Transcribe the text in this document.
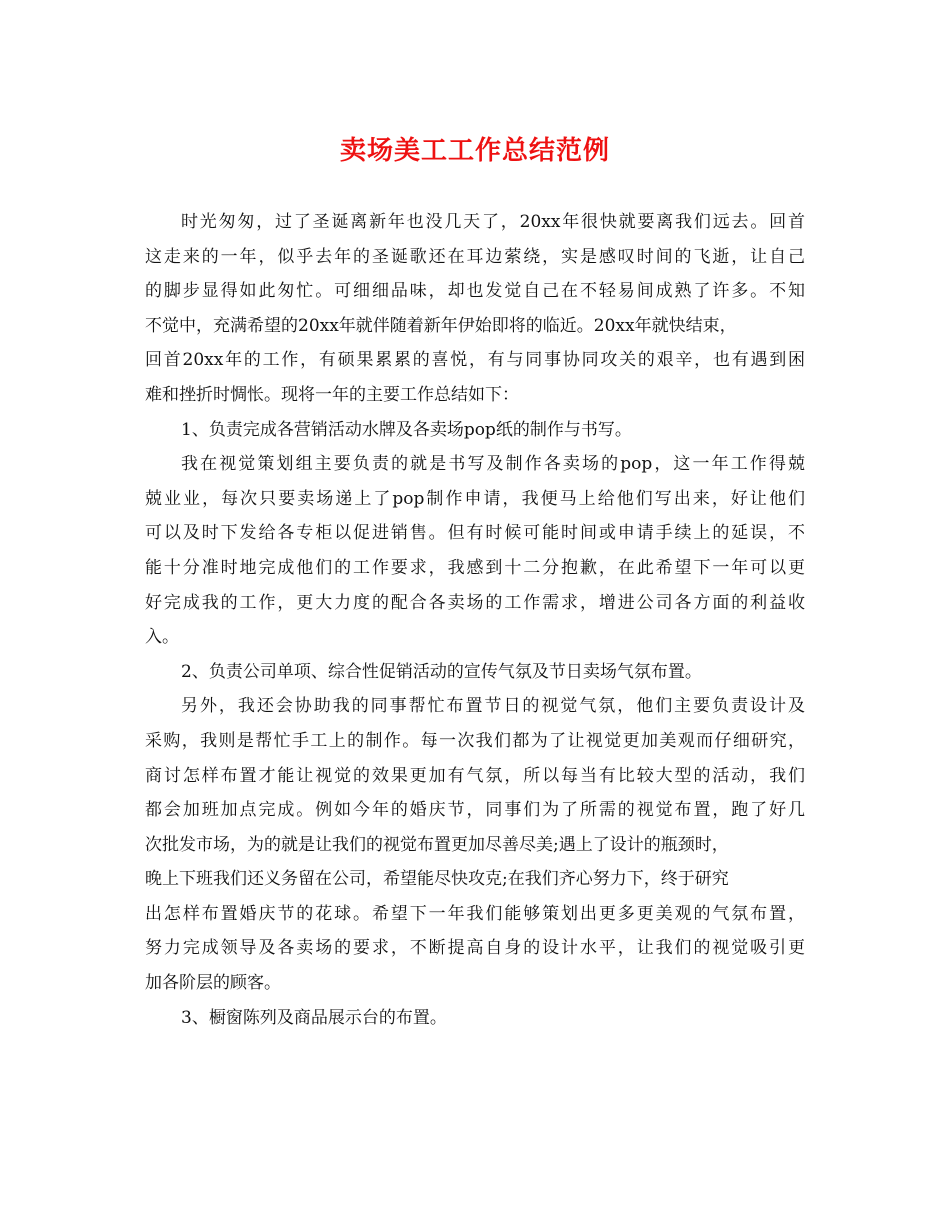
卖场美工工作总结范例
时光匆匆，过了圣诞离新年也没几天了，20xx年很快就要离我们远去。回首
这走来的一年，似乎去年的圣诞歌还在耳边萦绕，实是感叹时间的飞逝，让自己
的脚步显得如此匆忙。可细细品味，却也发觉自己在不轻易间成熟了许多。不知
不觉中，充满希望的20xx年就伴随着新年伊始即将的临近。20xx年就快结束，
回首20xx年的工作，有硕果累累的喜悦，有与同事协同攻关的艰辛，也有遇到困
难和挫折时惆怅。现将一年的主要工作总结如下：
1、负责完成各营销活动水牌及各卖场pop纸的制作与书写。
我在视觉策划组主要负责的就是书写及制作各卖场的pop，这一年工作得兢
兢业业，每次只要卖场递上了pop制作申请，我便马上给他们写出来，好让他们
可以及时下发给各专柜以促进销售。但有时候可能时间或申请手续上的延误，不
能十分准时地完成他们的工作要求，我感到十二分抱歉，在此希望下一年可以更
好完成我的工作，更大力度的配合各卖场的工作需求，增进公司各方面的利益收
入。
2、负责公司单项、综合性促销活动的宣传气氛及节日卖场气氛布置。
另外，我还会协助我的同事帮忙布置节日的视觉气氛，他们主要负责设计及
采购，我则是帮忙手工上的制作。每一次我们都为了让视觉更加美观而仔细研究，
商讨怎样布置才能让视觉的效果更加有气氛，所以每当有比较大型的活动，我们
都会加班加点完成。例如今年的婚庆节，同事们为了所需的视觉布置，跑了好几
次批发市场，为的就是让我们的视觉布置更加尽善尽美;遇上了设计的瓶颈时，
晚上下班我们还义务留在公司，希望能尽快攻克;在我们齐心努力下，终于研究
出怎样布置婚庆节的花球。希望下一年我们能够策划出更多更美观的气氛布置，
努力完成领导及各卖场的要求，不断提高自身的设计水平，让我们的视觉吸引更
加各阶层的顾客。
3、橱窗陈列及商品展示台的布置。
